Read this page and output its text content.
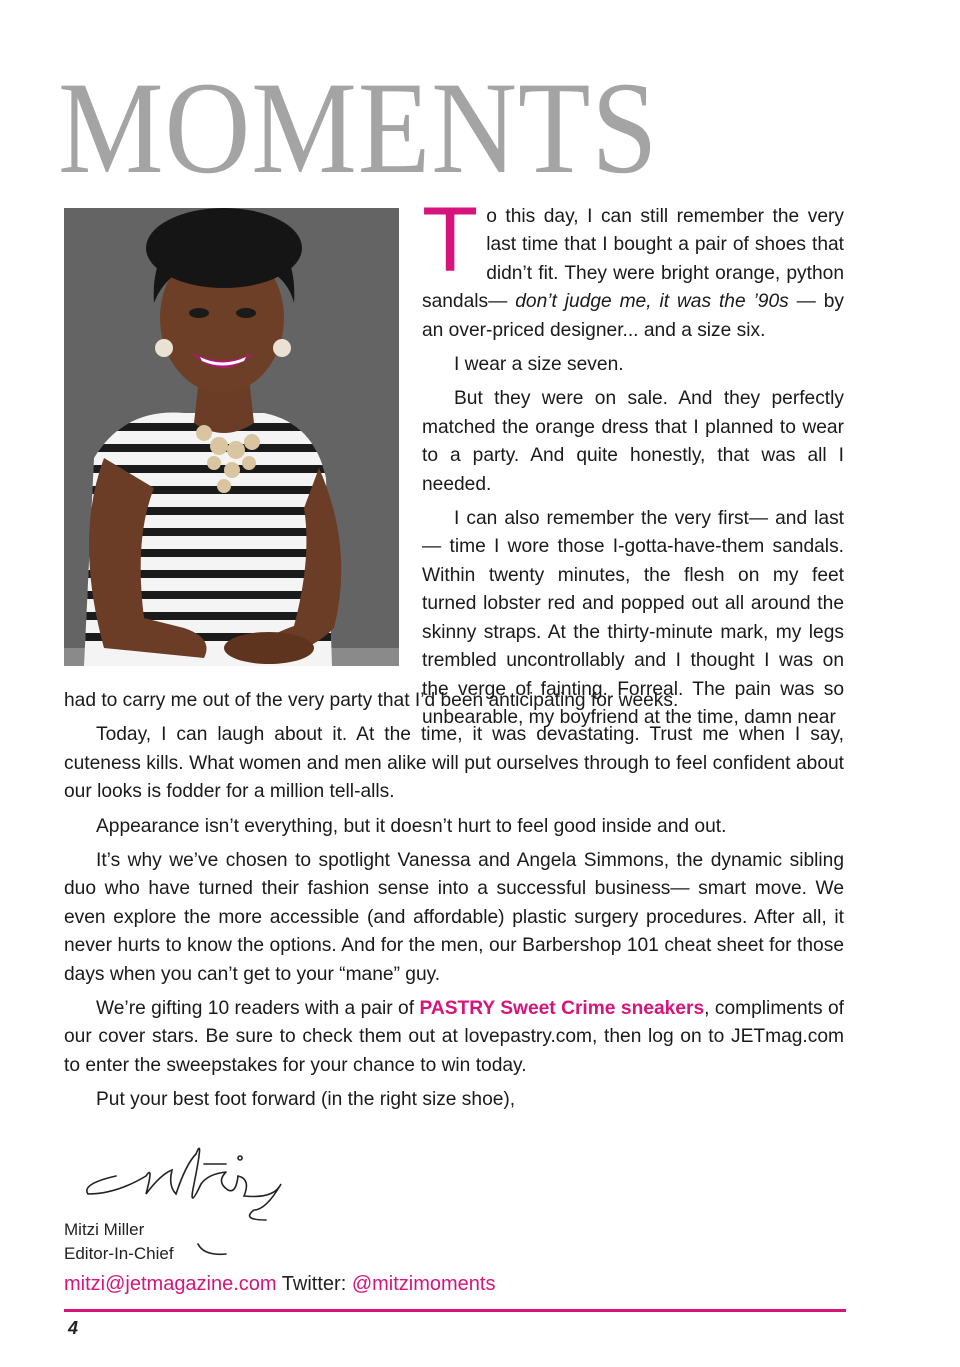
MOMENTS

T o this day, I can still remember the very last time that I bought a pair of shoes that didn’t fit. They were bright orange, python sandals— don’t judge me, it was the ’90s — by an over-priced designer... and a size six.

I wear a size seven.

But they were on sale. And they perfectly matched the orange dress that I planned to wear to a party. And quite honestly, that was all I needed.

I can also remember the very first— and last— time I wore those I-gotta-have-them sandals. Within twenty minutes, the flesh on my feet turned lobster red and popped out all around the skinny straps. At the thirty-minute mark, my legs trembled uncontrollably and I thought I was on the verge of fainting. Forreal. The pain was so unbearable, my boyfriend at the time, damn near

had to carry me out of the very party that I’d been anticipating for weeks.

Today, I can laugh about it. At the time, it was devastating. Trust me when I say, cuteness kills. What women and men alike will put ourselves through to feel confident about our looks is fodder for a million tell-alls.

Appearance isn’t everything, but it doesn’t hurt to feel good inside and out.

It’s why we’ve chosen to spotlight Vanessa and Angela Simmons, the dynamic sibling duo who have turned their fashion sense into a successful business— smart move. We even explore the more accessible (and affordable) plastic surgery procedures. After all, it never hurts to know the options. And for the men, our Barbershop 101 cheat sheet for those days when you can’t get to your “mane” guy.

We’re gifting 10 readers with a pair of PASTRY Sweet Crime sneakers, compliments of our cover stars. Be sure to check them out at lovepastry.com, then log on to JETmag.com to enter the sweepstakes for your chance to win today.

Put your best foot forward (in the right size shoe),

Mitzi Miller
Editor-In-Chief
mitzi@jetmagazine.com Twitter: @mitzimoments
4
